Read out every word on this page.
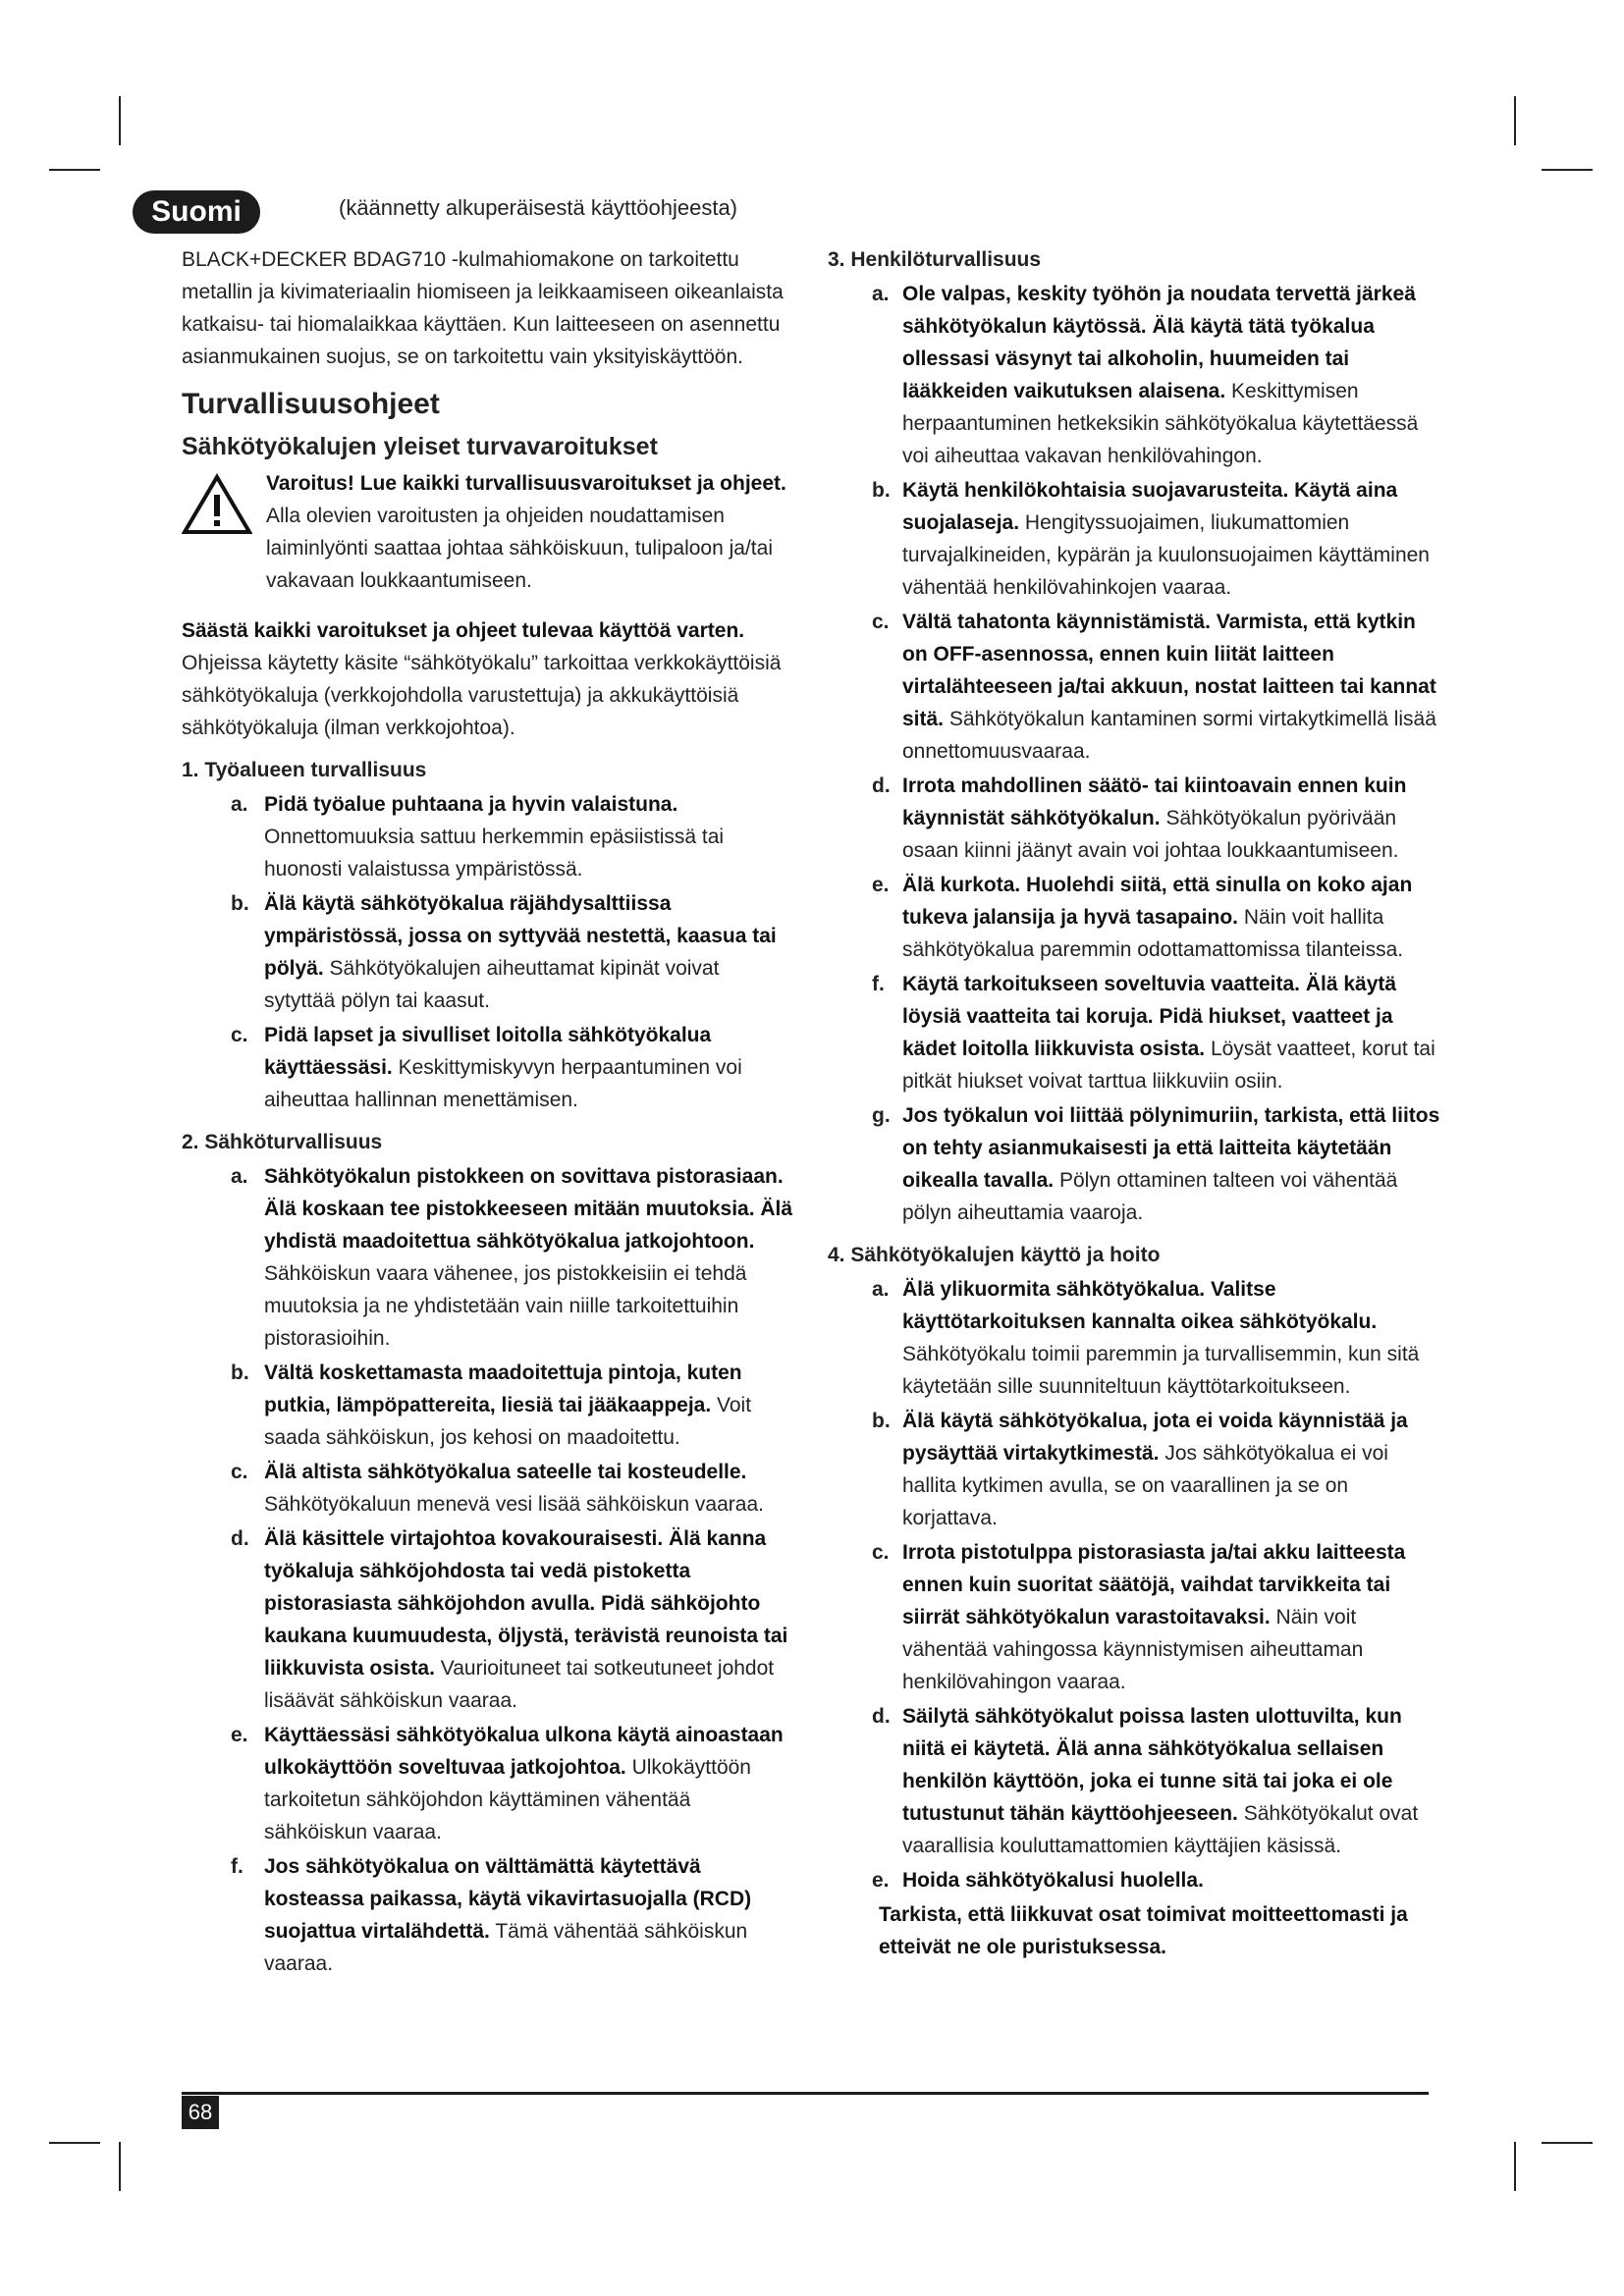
Suomi	(käännetty alkuperäisestä käyttöohjeesta)

BLACK+DECKER BDAG710 -kulmahiomakone on tarkoitettu metallin ja kivimateriaalin hiomiseen ja leikkaamiseen oikeanlaista katkaisu- tai hiomalaikkaa käyttäen. Kun laitteeseen on asennettu asianmukainen suojus, se on tarkoitettu vain yksityiskäyttöön.

Turvallisuusohjeet
Sähkötyökalujen yleiset turvavaroitukset

Varoitus! Lue kaikki turvallisuusvaroitukset ja ohjeet. Alla olevien varoitusten ja ohjeiden noudattamisen laiminlyönti saattaa johtaa sähköiskuun, tulipaloon ja/tai vakavaan loukkaantumiseen.

Säästä kaikki varoitukset ja ohjeet tulevaa käyttöä varten. Ohjeissa käytetty käsite “sähkötyökalu” tarkoittaa verkkokäyttöisiä sähkötyökaluja (verkkojohdolla varustettuja) ja akkukäyttöisiä sähkötyökaluja (ilman verkkojohtoa).

1. Työalueen turvallisuus

a. Pidä työalue puhtaana ja hyvin valaistuna. Onnettomuuksia sattuu herkemmin epäsiistissä tai huonosti valaistussa ympäristössä.
b. Älä käytä sähkötyökalua räjähdysalttiissa ympäristössä, jossa on syttyvää nestettä, kaasua tai pölyä. Sähkötyökalujen aiheuttamat kipinät voivat sytyttää pölyn tai kaasut.
c. Pidä lapset ja sivulliset loitolla sähkötyökalua käyttäessäsi. Keskittymiskyvyn herpaantuminen voi aiheuttaa hallinnan menettämisen.

2. Sähköturvallisuus

a. Sähkötyökalun pistokkeen on sovittava pistorasiaan. Älä koskaan tee pistokkeeseen mitään muutoksia. Älä yhdistä maadoitettua sähkötyökalua jatkojohtoon. Sähköiskun vaara vähenee, jos pistokkeisiin ei tehdä muutoksia ja ne yhdistetään vain niille tarkoitettuihin pistorasioihin.
b. Vältä koskettamasta maadoitettuja pintoja, kuten putkia, lämpöpattereita, liesiä tai jääkaappeja. Voit saada sähköiskun, jos kehosi on maadoitettu.
c. Älä altista sähkötyökalua sateelle tai kosteudelle. Sähkötyökaluun menevä vesi lisää sähköiskun vaaraa.
d. Älä käsittele virtajohtoa kovakouraisesti. Älä kanna työkaluja sähköjohdosta tai vedä pistoketta pistorasiasta sähköjohdon avulla. Pidä sähköjohto kaukana kuumuudesta, öljystä, terävistä reunoista tai liikkuvista osista. Vaurioituneet tai sotkeutuneet johdot lisäävät sähköiskun vaaraa.
e. Käyttäessäsi sähkötyökalua ulkona käytä ainoastaan ulkokäyttöön soveltuvaa jatkojohtoa. Ulkokäyttöön tarkoitetun sähköjohdon käyttäminen vähentää sähköiskun vaaraa.
f. Jos sähkötyökalua on välttämättä käytettävä kosteassa paikassa, käytä vikavirtasuojalla (RCD) suojattua virtalähdettä. Tämä vähentää sähköiskun vaaraa.

3. Henkilöturvallisuus

a. Ole valpas, keskity työhön ja noudata tervettä järkeä sähkötyökalun käytössä. Älä käytä tätä työkalua ollessasi väsynyt tai alkoholin, huumeiden tai lääkkeiden vaikutuksen alaisena. Keskittymisen herpaantuminen hetkeksikin sähkötyökalua käytettäessä voi aiheuttaa vakavan henkilövahingon.
b. Käytä henkilökohtaisia suojavarusteita. Käytä aina suojalaseja. Hengityssuojaimen, liukumattomien turvajalkineiden, kypärän ja kuulonsuojaimen käyttäminen vähentää henkilövahinkojen vaaraa.
c. Vältä tahatonta käynnistämistä. Varmista, että kytkin on OFF-asennossa, ennen kuin liität laitteen virtalähteeseen ja/tai akkuun, nostat laitteen tai kannat sitä. Sähkötyökalun kantaminen sormi virtakytkimellä lisää onnettomuusvaaraa.
d. Irrota mahdollinen säätö- tai kiintoavain ennen kuin käynnistät sähkötyökalun. Sähkötyökalun pyörivään osaan kiinni jäänyt avain voi johtaa loukkaantumiseen.
e. Älä kurkota. Huolehdi siitä, että sinulla on koko ajan tukeva jalansija ja hyvä tasapaino. Näin voit hallita sähkötyökalua paremmin odottamattomissa tilanteissa.
f. Käytä tarkoitukseen soveltuvia vaatteita. Älä käytä löysiä vaatteita tai koruja. Pidä hiukset, vaatteet ja kädet loitolla liikkuvista osista. Löysät vaatteet, korut tai pitkät hiukset voivat tarttua liikkuviin osiin.
g. Jos työkalun voi liittää pölynimuriin, tarkista, että liitos on tehty asianmukaisesti ja että laitteita käytetään oikealla tavalla. Pölyn ottaminen talteen voi vähentää pölyn aiheuttamia vaaroja.

4. Sähkötyökalujen käyttö ja hoito

a. Älä ylikuormita sähkötyökalua. Valitse käyttötarkoituksen kannalta oikea sähkötyökalu. Sähkötyökalu toimii paremmin ja turvallisemmin, kun sitä käytetään sille suunniteltuun käyttötarkoitukseen.
b. Älä käytä sähkötyökalua, jota ei voida käynnistää ja pysäyttää virtakytkimestä. Jos sähkötyökalua ei voi hallita kytkimen avulla, se on vaarallinen ja se on korjattava.
c. Irrota pistotulppa pistorasiasta ja/tai akku laitteesta ennen kuin suoritat säätöjä, vaihdat tarvikkeita tai siirrät sähkötyökalun varastoitavaksi. Näin voit vähentää vahingossa käynnistymisen aiheuttaman henkilövahingon vaaraa.
d. Säilytä sähkötyökalut poissa lasten ulottuvilta, kun niitä ei käytetä. Älä anna sähkötyökalua sellaisen henkilön käyttöön, joka ei tunne sitä tai joka ei ole tutustunut tähän käyttöohjeeseen. Sähkötyökalut ovat vaarallisia kouluttamattomien käyttäjien käsissä.
e. Hoida sähkötyökalusi huolella.

Tarkista, että liikkuvat osat toimivat moitteettomasti ja etteivät ne ole puristuksessa.

68
